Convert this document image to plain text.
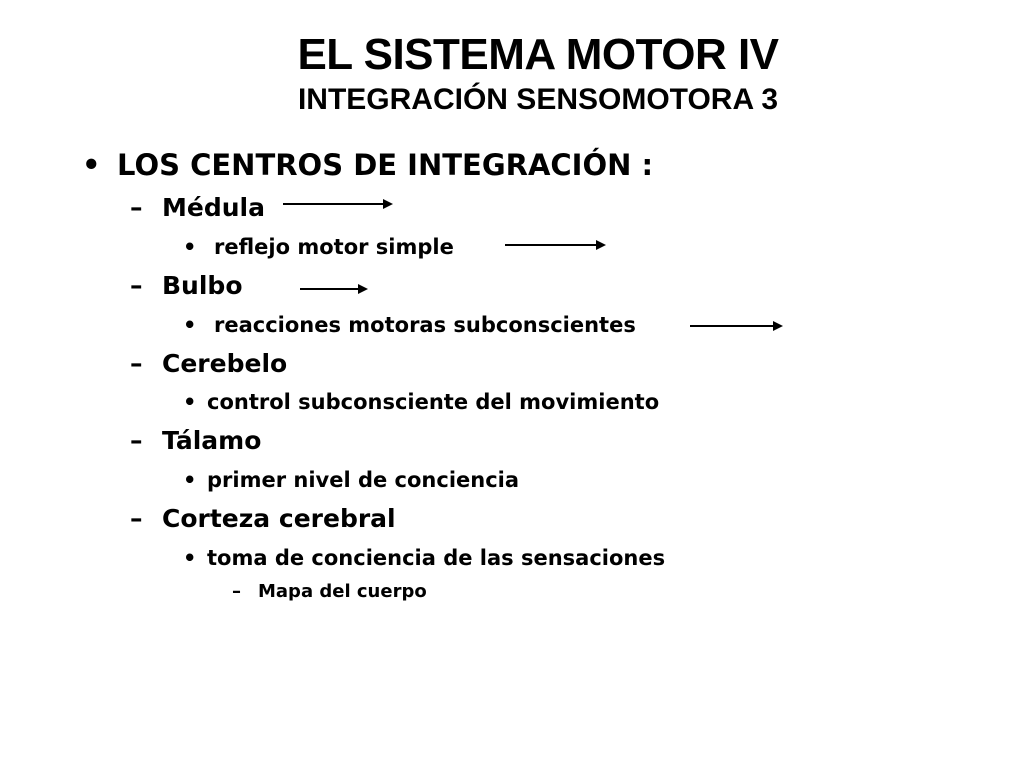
EL SISTEMA MOTOR IV
INTEGRACIÓN SENSOMOTORA 3
• LOS CENTROS DE INTEGRACIÓN :
– Médula
• reflejo motor simple
– Bulbo
• reacciones motoras subconscientes
– Cerebelo
• control subconsciente del movimiento
– Tálamo
• primer nivel de conciencia
– Corteza cerebral
• toma de conciencia de las sensaciones
– Mapa del cuerpo
